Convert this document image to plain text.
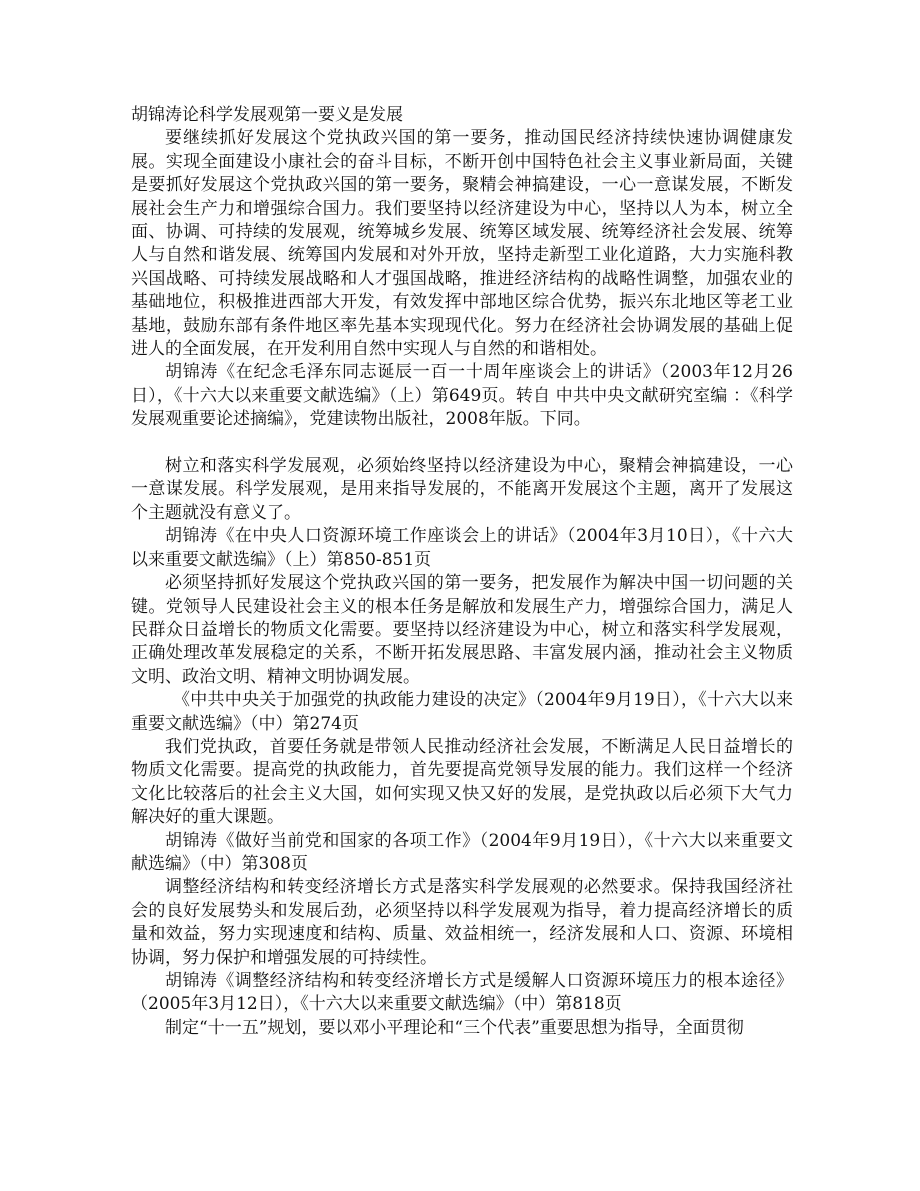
胡锦涛论科学发展观第一要义是发展

要继续抓好发展这个党执政兴国的第一要务，推动国民经济持续快速协调健康发展。实现全面建设小康社会的奋斗目标，不断开创中国特色社会主义事业新局面，关键是要抓好发展这个党执政兴国的第一要务，聚精会神搞建设，一心一意谋发展，不断发展社会生产力和增强综合国力。我们要坚持以经济建设为中心，坚持以人为本，树立全面、协调、可持续的发展观，统筹城乡发展、统筹区域发展、统筹经济社会发展、统筹人与自然和谐发展、统筹国内发展和对外开放，坚持走新型工业化道路，大力实施科教兴国战略、可持续发展战略和人才强国战略，推进经济结构的战略性调整，加强农业的基础地位，积极推进西部大开发，有效发挥中部地区综合优势，振兴东北地区等老工业基地，鼓励东部有条件地区率先基本实现现代化。努力在经济社会协调发展的基础上促进人的全面发展，在开发利用自然中实现人与自然的和谐相处。

胡锦涛《在纪念毛泽东同志诞辰一百一十周年座谈会上的讲话》（2003年12月26日），《十六大以来重要文献选编》（上）第649页。转自 中共中央文献研究室编 ：《科学发展观重要论述摘编》，党建读物出版社，2008年版。下同。

树立和落实科学发展观，必须始终坚持以经济建设为中心，聚精会神搞建设，一心一意谋发展。科学发展观，是用来指导发展的，不能离开发展这个主题，离开了发展这个主题就没有意义了。

胡锦涛《在中央人口资源环境工作座谈会上的讲话》（2004年3月10日），《十六大以来重要文献选编》（上）第850-851页

必须坚持抓好发展这个党执政兴国的第一要务，把发展作为解决中国一切问题的关键。党领导人民建设社会主义的根本任务是解放和发展生产力，增强综合国力，满足人民群众日益增长的物质文化需要。要坚持以经济建设为中心，树立和落实科学发展观，正确处理改革发展稳定的关系，不断开拓发展思路、丰富发展内涵，推动社会主义物质文明、政治文明、精神文明协调发展。

《中共中央关于加强党的执政能力建设的决定》（2004年9月19日），《十六大以来重要文献选编》（中）第274页

我们党执政，首要任务就是带领人民推动经济社会发展，不断满足人民日益增长的物质文化需要。提高党的执政能力，首先要提高党领导发展的能力。我们这样一个经济文化比较落后的社会主义大国，如何实现又快又好的发展，是党执政以后必须下大气力解决好的重大课题。

胡锦涛《做好当前党和国家的各项工作》（2004年9月19日），《十六大以来重要文献选编》（中）第308页

调整经济结构和转变经济增长方式是落实科学发展观的必然要求。保持我国经济社会的良好发展势头和发展后劲，必须坚持以科学发展观为指导，着力提高经济增长的质量和效益，努力实现速度和结构、质量、效益相统一，经济发展和人口、资源、环境相协调，努力保护和增强发展的可持续性。

胡锦涛《调整经济结构和转变经济增长方式是缓解人口资源环境压力的根本途径》（2005年3月12日），《十六大以来重要文献选编》（中）第818页

制定“十一五”规划，要以邓小平理论和“三个代表”重要思想为指导，全面贯彻
